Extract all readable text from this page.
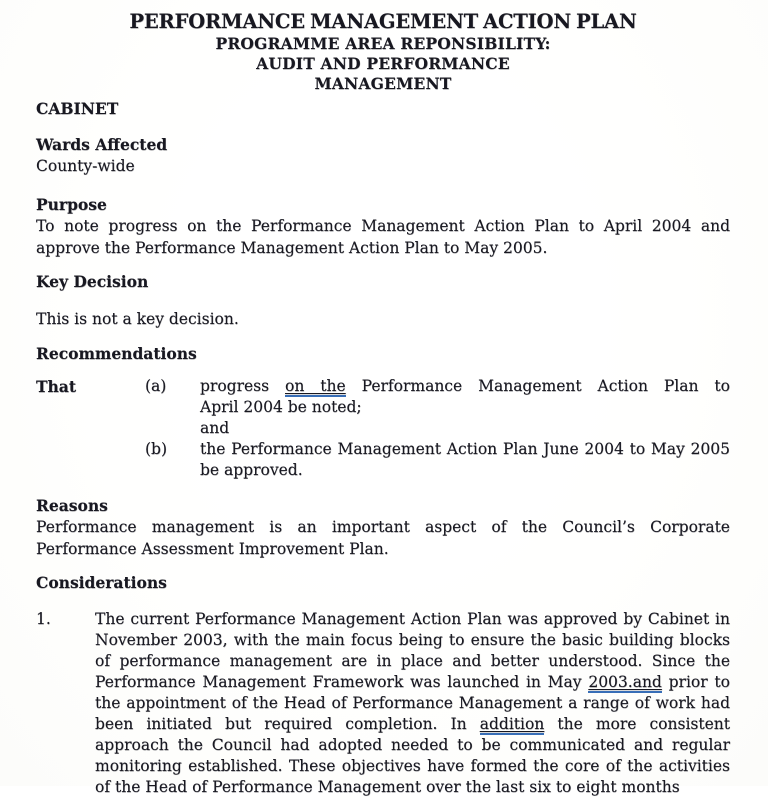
PERFORMANCE MANAGEMENT ACTION PLAN
PROGRAMME AREA REPONSIBILITY:
AUDIT AND PERFORMANCE
MANAGEMENT
CABINET
Wards Affected
County-wide
Purpose
To note progress on the Performance Management Action Plan to April 2004 and approve the Performance Management Action Plan to May 2005.
Key Decision
This is not a key decision.
Recommendations
That	(a)	progress on the Performance Management Action Plan to
April 2004 be noted;
and
(b)	the Performance Management Action Plan June 2004 to May 2005
be approved.
Reasons
Performance management is an important aspect of the Council’s Corporate Performance Assessment Improvement Plan.
Considerations
1.	The current Performance Management Action Plan was approved by Cabinet in November 2003, with the main focus being to ensure the basic building blocks of performance management are in place and better understood. Since the Performance Management Framework was launched in May 2003.and prior to the appointment of the Head of Performance Management a range of work had been initiated but required completion. In addition the more consistent approach the Council had adopted needed to be communicated and regular monitoring established. These objectives have formed the core of the activities of the Head of Performance Management over the last six to eight months
